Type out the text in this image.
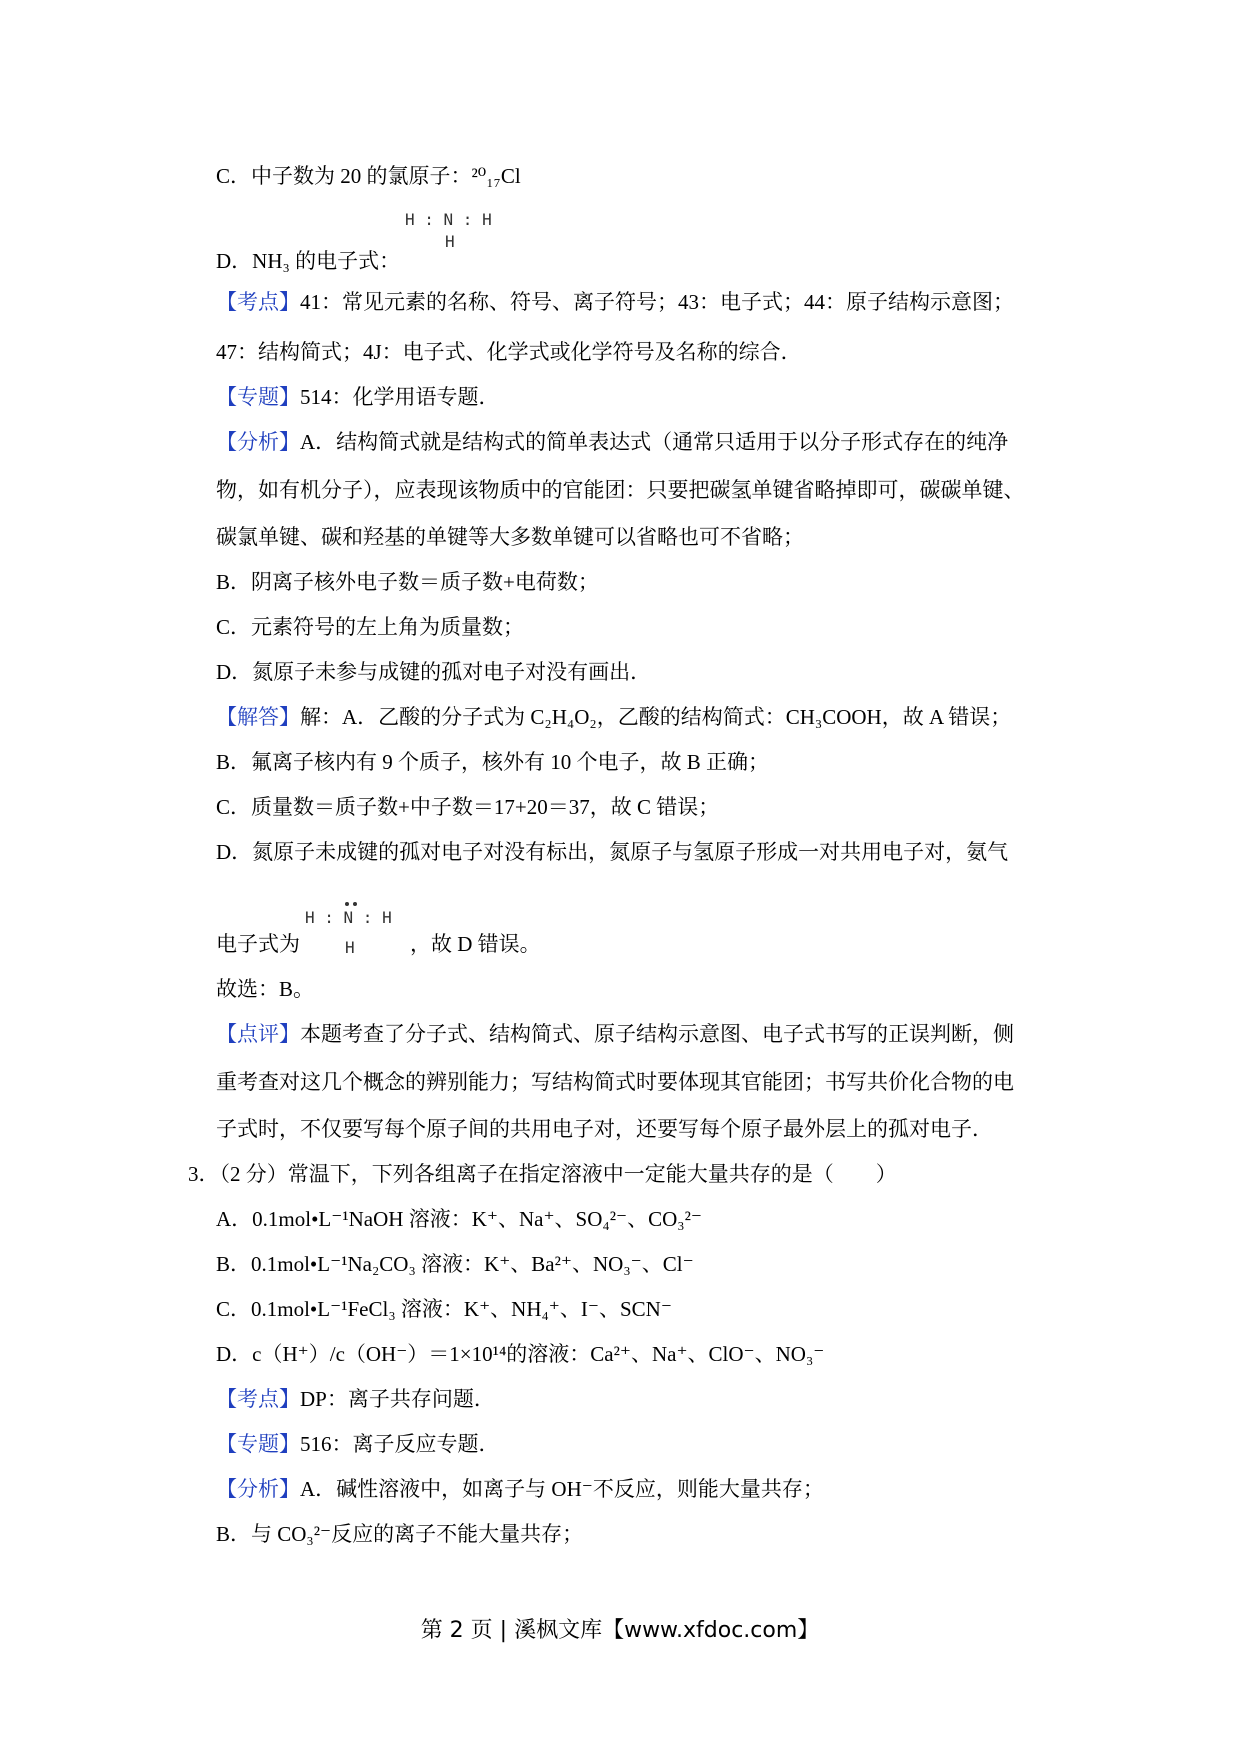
C．中子数为 20 的氯原子：²⁰₁₇Cl
H : N : H
H
D．NH₃ 的电子式：
【考点】41：常见元素的名称、符号、离子符号；43：电子式；44：原子结构示意图；
47：结构简式；4J：电子式、化学式或化学符号及名称的综合．
【专题】514：化学用语专题．
【分析】A．结构简式就是结构式的简单表达式（通常只适用于以分子形式存在的纯净
物，如有机分子），应表现该物质中的官能团：只要把碳氢单键省略掉即可，碳碳单键、
碳氯单键、碳和羟基的单键等大多数单键可以省略也可不省略；
B．阴离子核外电子数＝质子数+电荷数；
C．元素符号的左上角为质量数；
D．氮原子未参与成键的孤对电子对没有画出．
【解答】解：A．乙酸的分子式为 C₂H₄O₂，乙酸的结构简式：CH₃COOH，故 A 错误；
B．氟离子核内有 9 个质子，核外有 10 个电子，故 B 正确；
C．质量数＝质子数+中子数＝17+20＝37，故 C 错误；
D．氮原子未成键的孤对电子对没有标出，氮原子与氢原子形成一对共用电子对，氨气
H : N : H
H
电子式为	，故 D 错误。
故选：B。
【点评】本题考查了分子式、结构简式、原子结构示意图、电子式书写的正误判断，侧
重考查对这几个概念的辨别能力；写结构简式时要体现其官能团；书写共价化合物的电
子式时，不仅要写每个原子间的共用电子对，还要写每个原子最外层上的孤对电子．
3．（2 分）常温下，下列各组离子在指定溶液中一定能大量共存的是（　　）
A．0.1mol•L⁻¹NaOH 溶液：K⁺、Na⁺、SO₄²⁻、CO₃²⁻
B．0.1mol•L⁻¹Na₂CO₃ 溶液：K⁺、Ba²⁺、NO₃⁻、Cl⁻
C．0.1mol•L⁻¹FeCl₃ 溶液：K⁺、NH₄⁺、I⁻、SCN⁻
D．c（H⁺）/c（OH⁻）＝1×10¹⁴的溶液：Ca²⁺、Na⁺、ClO⁻、NO₃⁻
【考点】DP：离子共存问题．
【专题】516：离子反应专题．
【分析】A．碱性溶液中，如离子与 OH⁻不反应，则能大量共存；
B．与 CO₃²⁻反应的离子不能大量共存；
第 2 页 | 溪枫文库【www.xfdoc.com】
